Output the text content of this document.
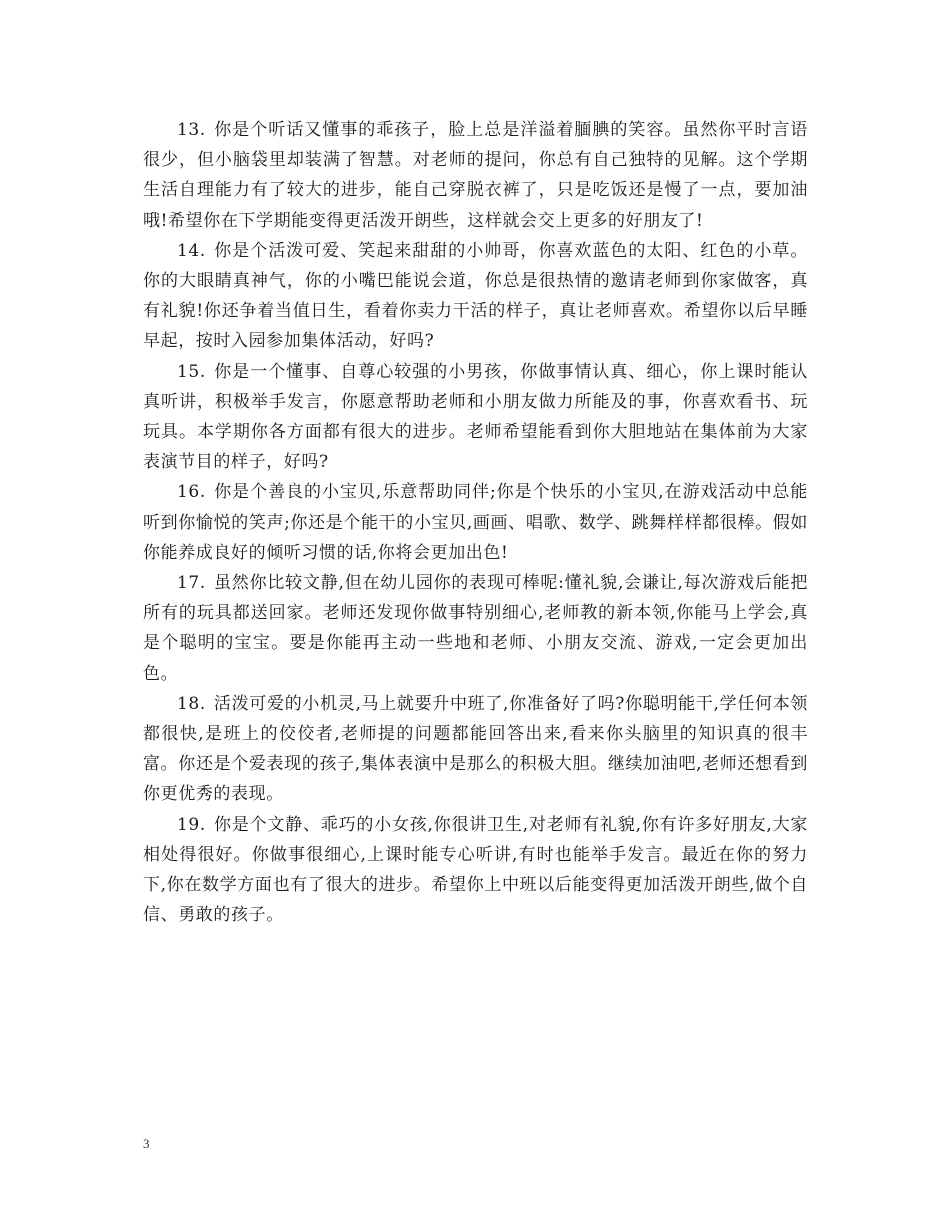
13. 你是个听话又懂事的乖孩子，脸上总是洋溢着腼腆的笑容。虽然你平时言语很少，但小脑袋里却装满了智慧。对老师的提问，你总有自己独特的见解。这个学期生活自理能力有了较大的进步，能自己穿脱衣裤了，只是吃饭还是慢了一点，要加油哦!希望你在下学期能变得更活泼开朗些，这样就会交上更多的好朋友了!

14. 你是个活泼可爱、笑起来甜甜的小帅哥，你喜欢蓝色的太阳、红色的小草。你的大眼睛真神气，你的小嘴巴能说会道，你总是很热情的邀请老师到你家做客，真有礼貌!你还争着当值日生，看着你卖力干活的样子，真让老师喜欢。希望你以后早睡早起，按时入园参加集体活动，好吗?

15. 你是一个懂事、自尊心较强的小男孩，你做事情认真、细心，你上课时能认真听讲，积极举手发言，你愿意帮助老师和小朋友做力所能及的事，你喜欢看书、玩玩具。本学期你各方面都有很大的进步。老师希望能看到你大胆地站在集体前为大家表演节目的样子，好吗?

16. 你是个善良的小宝贝,乐意帮助同伴;你是个快乐的小宝贝,在游戏活动中总能听到你愉悦的笑声;你还是个能干的小宝贝,画画、唱歌、数学、跳舞样样都很棒。假如你能养成良好的倾听习惯的话,你将会更加出色!

17. 虽然你比较文静,但在幼儿园你的表现可棒呢:懂礼貌,会谦让,每次游戏后能把所有的玩具都送回家。老师还发现你做事特别细心,老师教的新本领,你能马上学会,真是个聪明的宝宝。要是你能再主动一些地和老师、小朋友交流、游戏,一定会更加出色。

18. 活泼可爱的小机灵,马上就要升中班了,你准备好了吗?你聪明能干,学任何本领都很快,是班上的佼佼者,老师提的问题都能回答出来,看来你头脑里的知识真的很丰富。你还是个爱表现的孩子,集体表演中是那么的积极大胆。继续加油吧,老师还想看到你更优秀的表现。

19. 你是个文静、乖巧的小女孩,你很讲卫生,对老师有礼貌,你有许多好朋友,大家相处得很好。你做事很细心,上课时能专心听讲,有时也能举手发言。最近在你的努力下,你在数学方面也有了很大的进步。希望你上中班以后能变得更加活泼开朗些,做个自信、勇敢的孩子。

3
